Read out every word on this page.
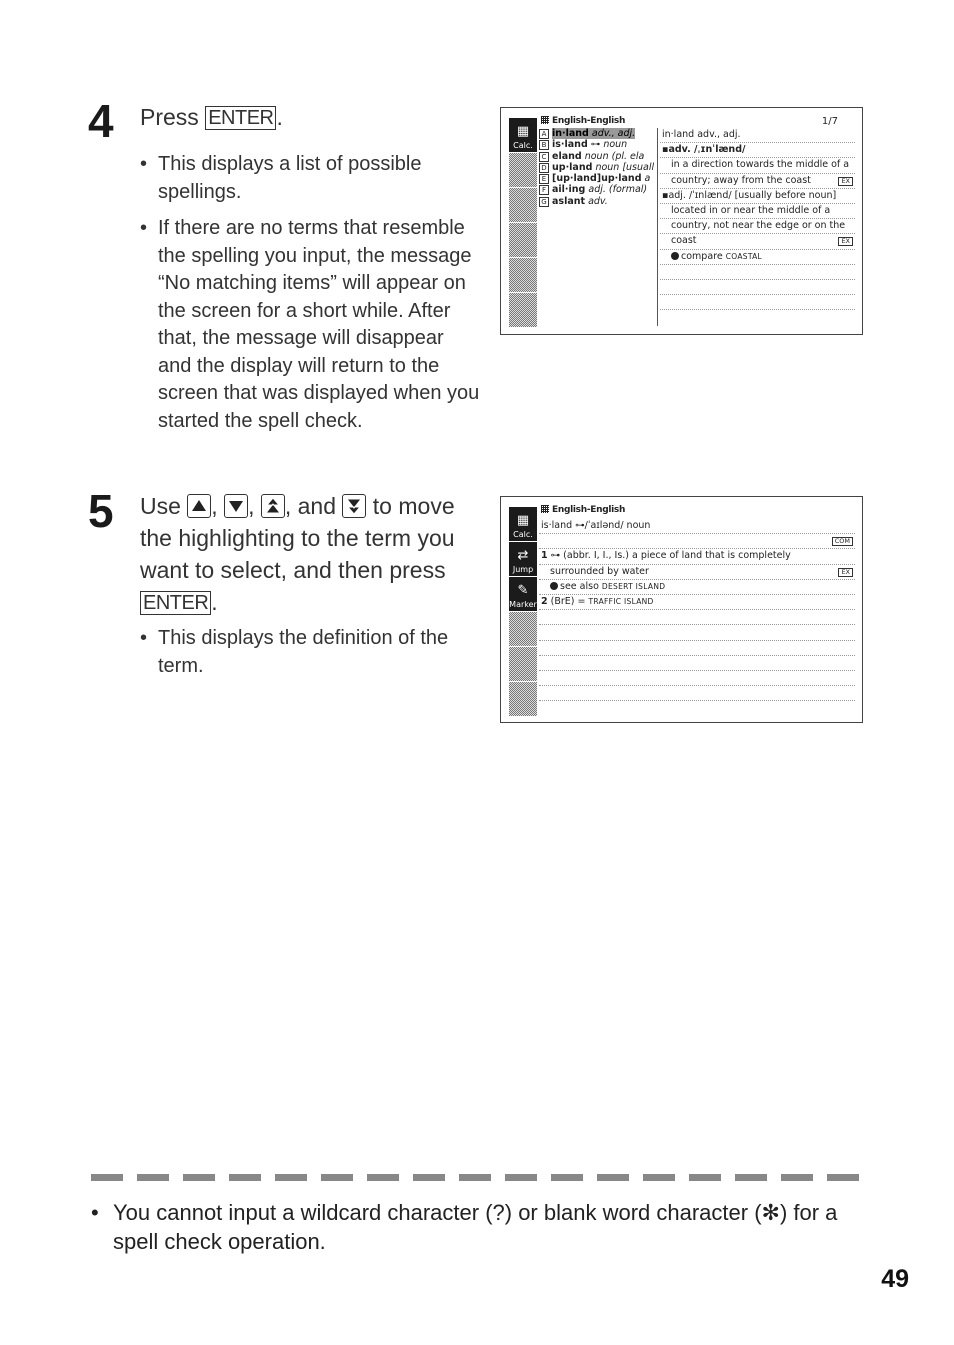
4 Press ENTER .
• This displays a list of possible spellings.
• If there are no terms that resemble the spelling you input, the message “No matching items” will appear on the screen for a short while. After that, the message will disappear and the display will return to the screen that was displayed when you started the spell check.
▦
Calc.
English-English	1/7
A in·land adv., adj.
B is·land ⊶ noun
C eland noun (pl. ela
D up·land noun [usuall
E [up·land]up·land a
F ail·ing adj. (formal)
G aslant adv.
in·land adv., adj.
▪adv. /ˌɪnˈlænd/
in a direction towards the middle of a
country; away from the coast	EX
▪adj. /ˈɪnlænd/ [usually before noun]
located in or near the middle of a
country, not near the edge or on the
coast	EX
compare COASTAL
5 Use , , , and to move the highlighting to the term you want to select, and then press ENTER .
• This displays the definition of the term.
▦
Calc.
⇄
Jump
✎
Marker
English-English
is·land ⊶/ˈaɪlənd/ noun
COM
1 ⊶ (abbr. I, I., Is.) a piece of land that is completely
surrounded by water	EX
see also DESERT ISLAND
2 (BrE) = TRAFFIC ISLAND
• You cannot input a wildcard character (?) or blank word character (✻) for a spell check operation.
49
